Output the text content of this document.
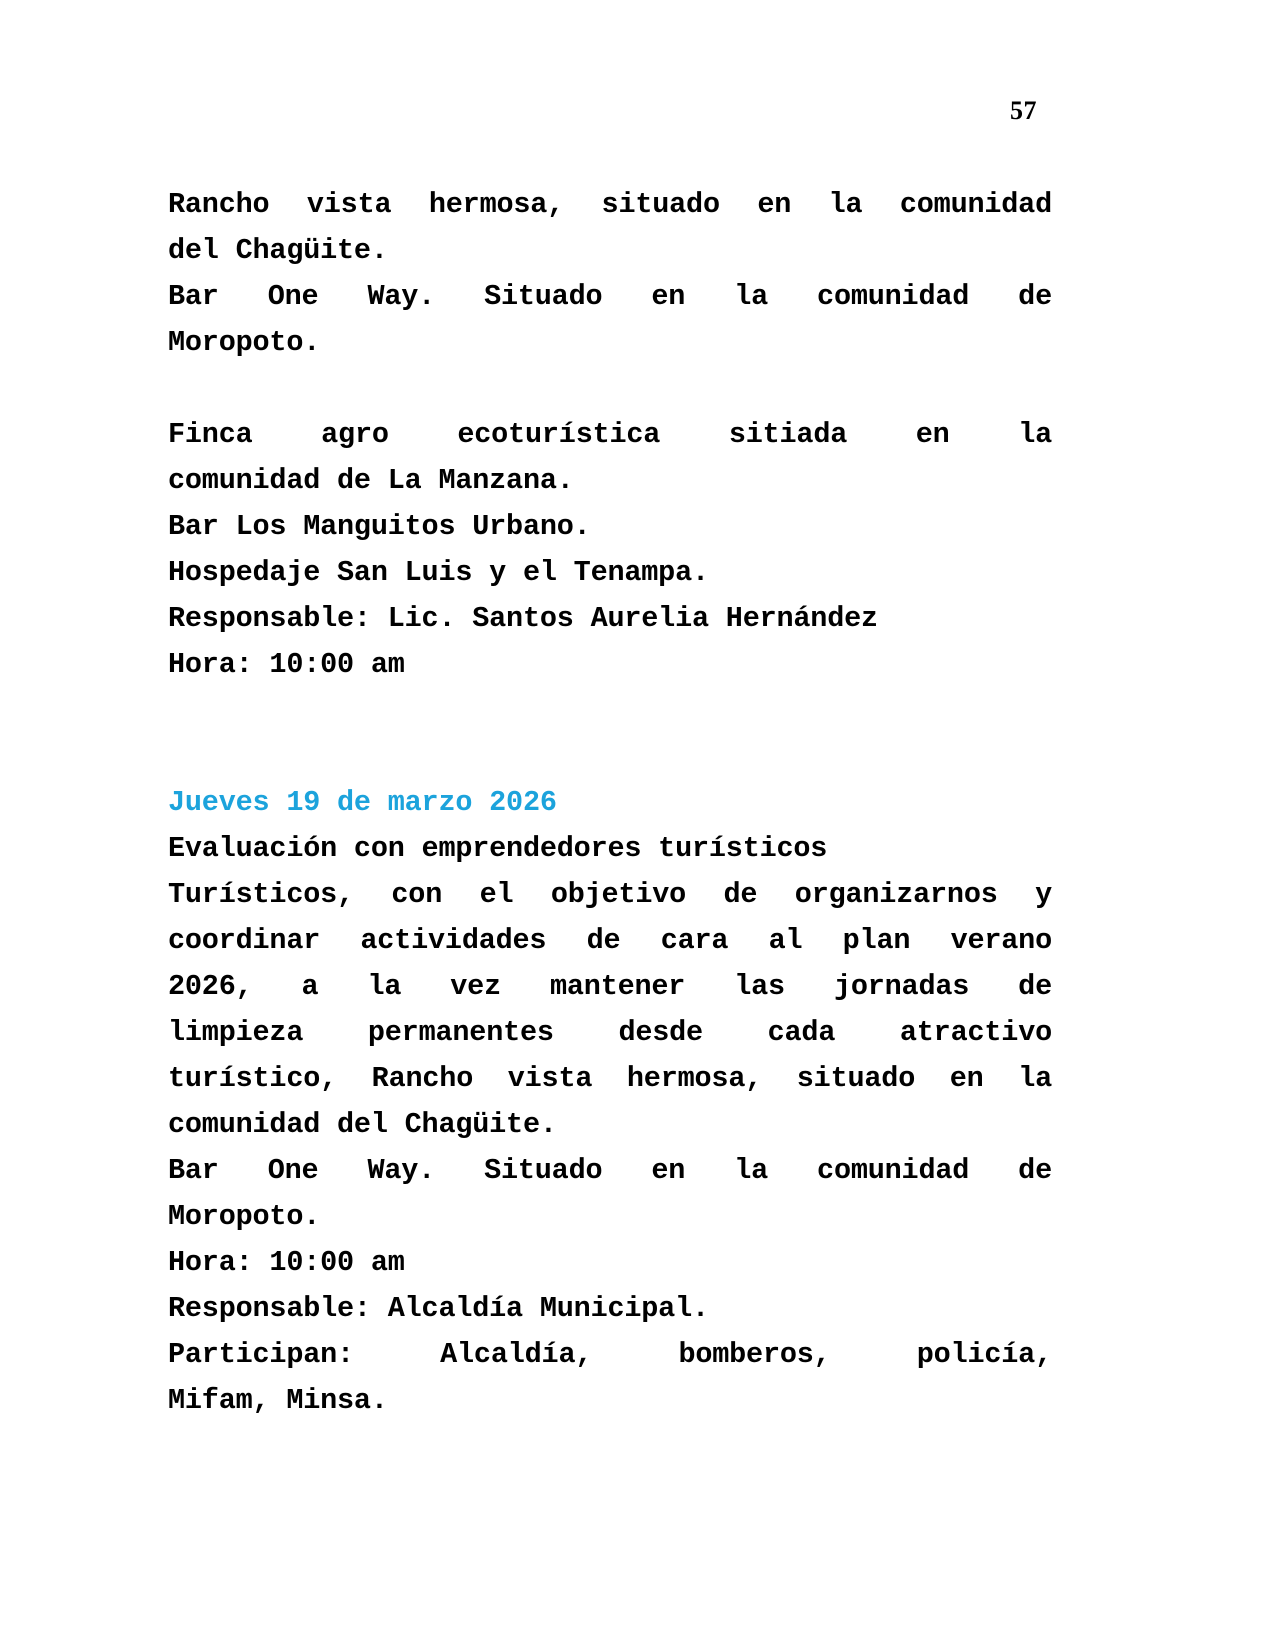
57
Rancho vista hermosa, situado en la comunidad
del Chagüite.
Bar One Way. Situado en la comunidad de
Moropoto.
Finca agro ecoturística sitiada en la
comunidad de La Manzana.
Bar Los Manguitos Urbano.
Hospedaje San Luis y el Tenampa.
Responsable: Lic. Santos Aurelia Hernández
Hora: 10:00 am
Jueves 19 de marzo 2026
Evaluación con emprendedores turísticos
Turísticos, con el objetivo de organizarnos y
coordinar actividades de cara al plan verano
2026, a la vez mantener las jornadas de
limpieza permanentes desde cada atractivo
turístico, Rancho vista hermosa, situado en la
comunidad del Chagüite.
Bar One Way. Situado en la comunidad de
Moropoto.
Hora: 10:00 am
Responsable: Alcaldía Municipal.
Participan: Alcaldía, bomberos, policía,
Mifam, Minsa.
